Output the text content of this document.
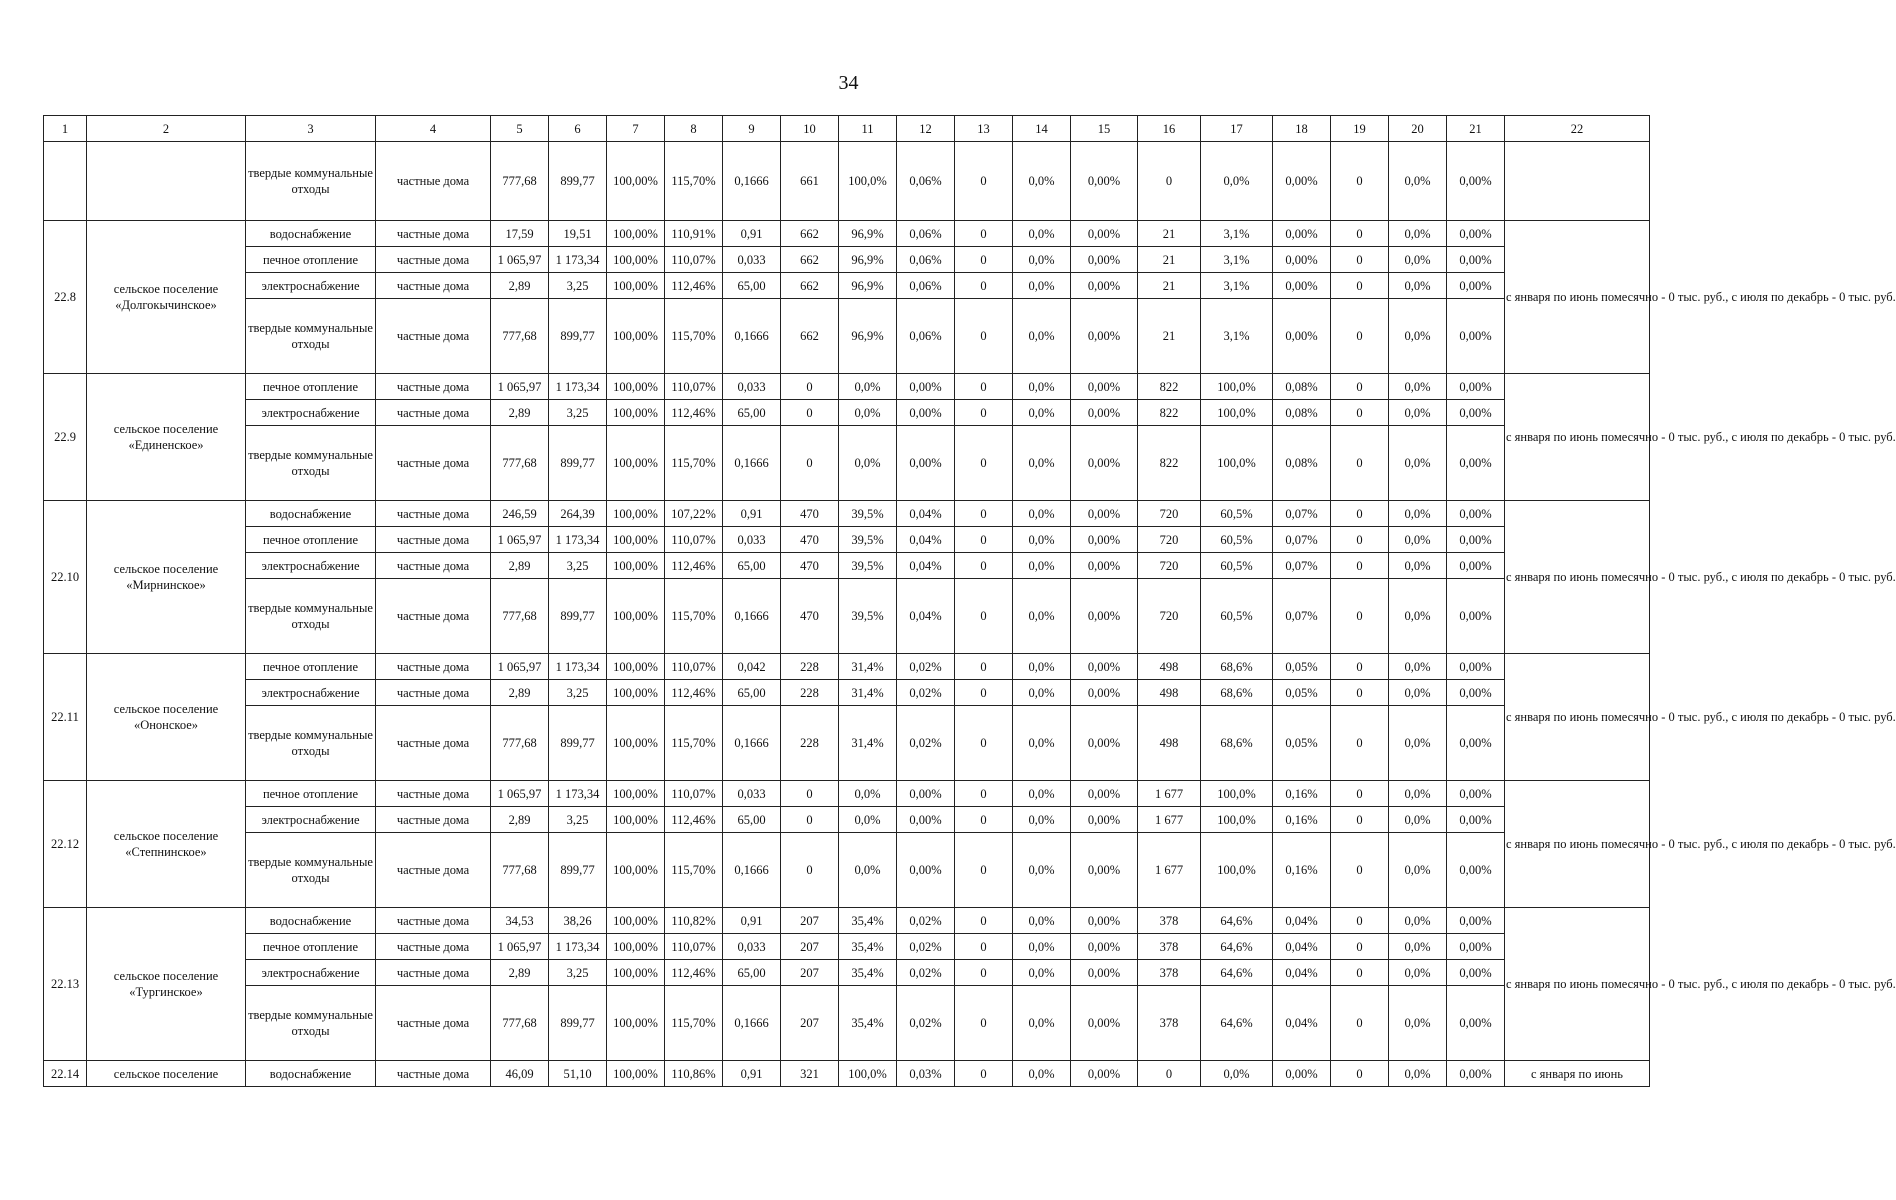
34
1	2	3	4	5	6	7	8	9	10	11	12	13	14	15	16	17	18	19	20	21	22
		твердые коммунальные отходы	частные дома	777,68	899,77	100,00%	115,70%	0,1666	661	100,0%	0,06%	0	0,0%	0,00%	0	0,0%	0,00%	0	0,0%	0,00%	
22.8	сельское поселение «Долгокычинское»	водоснабжение	частные дома	17,59	19,51	100,00%	110,91%	0,91	662	96,9%	0,06%	0	0,0%	0,00%	21	3,1%	0,00%	0	0,0%	0,00%	с января по июнь помесячно - 0 тыс. руб., с июля по декабрь - 0 тыс. руб.
		печное отопление	частные дома	1 065,97	1 173,34	100,00%	110,07%	0,033	662	96,9%	0,06%	0	0,0%	0,00%	21	3,1%	0,00%	0	0,0%	0,00%	
		электроснабжение	частные дома	2,89	3,25	100,00%	112,46%	65,00	662	96,9%	0,06%	0	0,0%	0,00%	21	3,1%	0,00%	0	0,0%	0,00%	
		твердые коммунальные отходы	частные дома	777,68	899,77	100,00%	115,70%	0,1666	662	96,9%	0,06%	0	0,0%	0,00%	21	3,1%	0,00%	0	0,0%	0,00%	
22.9	сельское поселение «Единенское»	печное отопление	частные дома	1 065,97	1 173,34	100,00%	110,07%	0,033	0	0,0%	0,00%	0	0,0%	0,00%	822	100,0%	0,08%	0	0,0%	0,00%	с января по июнь помесячно - 0 тыс. руб., с июля по декабрь - 0 тыс. руб.
		электроснабжение	частные дома	2,89	3,25	100,00%	112,46%	65,00	0	0,0%	0,00%	0	0,0%	0,00%	822	100,0%	0,08%	0	0,0%	0,00%	
		твердые коммунальные отходы	частные дома	777,68	899,77	100,00%	115,70%	0,1666	0	0,0%	0,00%	0	0,0%	0,00%	822	100,0%	0,08%	0	0,0%	0,00%	
22.10	сельское поселение «Мирнинское»	водоснабжение	частные дома	246,59	264,39	100,00%	107,22%	0,91	470	39,5%	0,04%	0	0,0%	0,00%	720	60,5%	0,07%	0	0,0%	0,00%	с января по июнь помесячно - 0 тыс. руб., с июля по декабрь - 0 тыс. руб.
		печное отопление	частные дома	1 065,97	1 173,34	100,00%	110,07%	0,033	470	39,5%	0,04%	0	0,0%	0,00%	720	60,5%	0,07%	0	0,0%	0,00%	
		электроснабжение	частные дома	2,89	3,25	100,00%	112,46%	65,00	470	39,5%	0,04%	0	0,0%	0,00%	720	60,5%	0,07%	0	0,0%	0,00%	
		твердые коммунальные отходы	частные дома	777,68	899,77	100,00%	115,70%	0,1666	470	39,5%	0,04%	0	0,0%	0,00%	720	60,5%	0,07%	0	0,0%	0,00%	
22.11	сельское поселение «Ононское»	печное отопление	частные дома	1 065,97	1 173,34	100,00%	110,07%	0,042	228	31,4%	0,02%	0	0,0%	0,00%	498	68,6%	0,05%	0	0,0%	0,00%	с января по июнь помесячно - 0 тыс. руб., с июля по декабрь - 0 тыс. руб.
		электроснабжение	частные дома	2,89	3,25	100,00%	112,46%	65,00	228	31,4%	0,02%	0	0,0%	0,00%	498	68,6%	0,05%	0	0,0%	0,00%	
		твердые коммунальные отходы	частные дома	777,68	899,77	100,00%	115,70%	0,1666	228	31,4%	0,02%	0	0,0%	0,00%	498	68,6%	0,05%	0	0,0%	0,00%	
22.12	сельское поселение «Степнинское»	печное отопление	частные дома	1 065,97	1 173,34	100,00%	110,07%	0,033	0	0,0%	0,00%	0	0,0%	0,00%	1 677	100,0%	0,16%	0	0,0%	0,00%	с января по июнь помесячно - 0 тыс. руб., с июля по декабрь - 0 тыс. руб.
		электроснабжение	частные дома	2,89	3,25	100,00%	112,46%	65,00	0	0,0%	0,00%	0	0,0%	0,00%	1 677	100,0%	0,16%	0	0,0%	0,00%	
		твердые коммунальные отходы	частные дома	777,68	899,77	100,00%	115,70%	0,1666	0	0,0%	0,00%	0	0,0%	0,00%	1 677	100,0%	0,16%	0	0,0%	0,00%	
22.13	сельское поселение «Тургинское»	водоснабжение	частные дома	34,53	38,26	100,00%	110,82%	0,91	207	35,4%	0,02%	0	0,0%	0,00%	378	64,6%	0,04%	0	0,0%	0,00%	с января по июнь помесячно - 0 тыс. руб., с июля по декабрь - 0 тыс. руб.
		печное отопление	частные дома	1 065,97	1 173,34	100,00%	110,07%	0,033	207	35,4%	0,02%	0	0,0%	0,00%	378	64,6%	0,04%	0	0,0%	0,00%	
		электроснабжение	частные дома	2,89	3,25	100,00%	112,46%	65,00	207	35,4%	0,02%	0	0,0%	0,00%	378	64,6%	0,04%	0	0,0%	0,00%	
		твердые коммунальные отходы	частные дома	777,68	899,77	100,00%	115,70%	0,1666	207	35,4%	0,02%	0	0,0%	0,00%	378	64,6%	0,04%	0	0,0%	0,00%	
22.14	сельское поселение	водоснабжение	частные дома	46,09	51,10	100,00%	110,86%	0,91	321	100,0%	0,03%	0	0,0%	0,00%	0	0,0%	0,00%	0	0,0%	0,00%	с января по июнь
